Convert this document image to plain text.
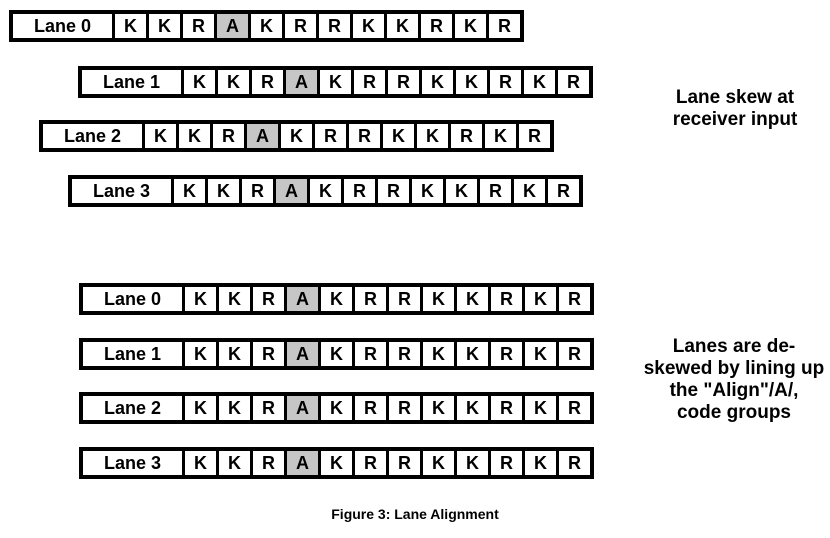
Lane 0	K	K	R	A	K	R	R	K	K	R	K	R
Lane 1	K	K	R	A	K	R	R	K	K	R	K	R
Lane 2	K	K	R	A	K	R	R	K	K	R	K	R
Lane 3	K	K	R	A	K	R	R	K	K	R	K	R
Lane skew at
receiver input
Lane 0	K	K	R	A	K	R	R	K	K	R	K	R
Lane 1	K	K	R	A	K	R	R	K	K	R	K	R
Lane 2	K	K	R	A	K	R	R	K	K	R	K	R
Lane 3	K	K	R	A	K	R	R	K	K	R	K	R
Lanes are de-
skewed by lining up
the "Align"/A/,
code groups
Figure 3: Lane Alignment
